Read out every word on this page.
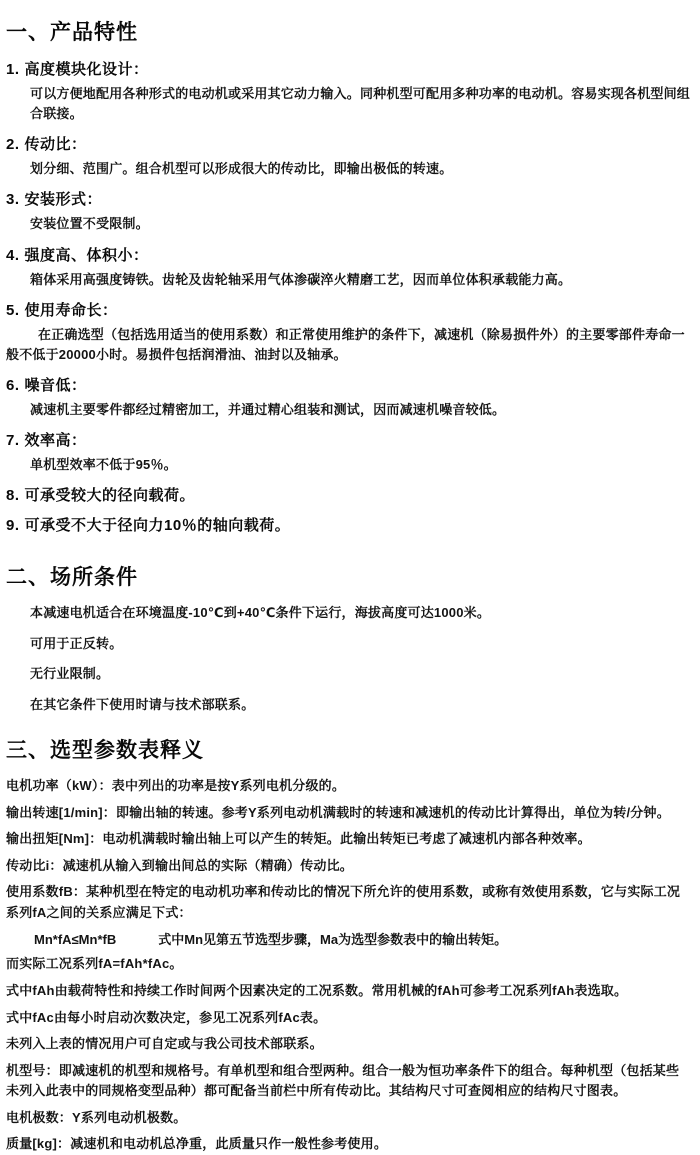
一、产品特性
1. 高度模块化设计：

可以方便地配用各种形式的电动机或采用其它动力输入。同种机型可配用多种功率的电动机。容易实现各机型间组合联接。

2. 传动比：

划分细、范围广。组合机型可以形成很大的传动比，即输出极低的转速。

3. 安装形式：

安装位置不受限制。

4. 强度高、体积小：

箱体采用高强度铸铁。齿轮及齿轮轴采用气体渗碳淬火精磨工艺，因而单位体积承载能力高。

5. 使用寿命长：

在正确选型（包括选用适当的使用系数）和正常使用维护的条件下，减速机（除易损件外）的主要零部件寿命一般不低于20000小时。易损件包括润滑油、油封以及轴承。

6. 噪音低：

减速机主要零件都经过精密加工，并通过精心组装和测试，因而减速机噪音较低。

7. 效率高：

单机型效率不低于95％。

8. 可承受较大的径向载荷。
9. 可承受不大于径向力10％的轴向载荷。
二、场所条件

本减速电机适合在环境温度-10℃到+40℃条件下运行，海拔高度可达1000米。

可用于正反转。

无行业限制。

在其它条件下使用时请与技术部联系。

三、选型参数表释义

电机功率（kW）：表中列出的功率是按Y系列电机分级的。

输出转速[1/min]：即输出轴的转速。参考Y系列电动机满载时的转速和减速机的传动比计算得出，单位为转/分钟。

输出扭矩[Nm]：电动机满载时输出轴上可以产生的转矩。此输出转矩已考虑了减速机内部各种效率。

传动比i：减速机从输入到输出间总的实际（精确）传动比。

使用系数fB：某种机型在特定的电动机功率和传动比的情况下所允许的使用系数，或称有效使用系数，它与实际工况系列fA之间的关系应满足下式：

Mn*fA≤Mn*fB	式中Mn见第五节选型步骤，Ma为选型参数表中的输出转矩。

而实际工况系列fA=fAh*fAc。

式中fAh由载荷特性和持续工作时间两个因素决定的工况系数。常用机械的fAh可参考工况系列fAh表选取。

式中fAc由每小时启动次数决定，参见工况系列fAc表。

未列入上表的情况用户可自定或与我公司技术部联系。

机型号：即减速机的机型和规格号。有单机型和组合型两种。组合一般为恒功率条件下的组合。每种机型（包括某些未列入此表中的同规格变型品种）都可配备当前栏中所有传动比。其结构尺寸可查阅相应的结构尺寸图表。

电机极数：Y系列电动机极数。

质量[kg]：减速机和电动机总净重，此质量只作一般性参考使用。
